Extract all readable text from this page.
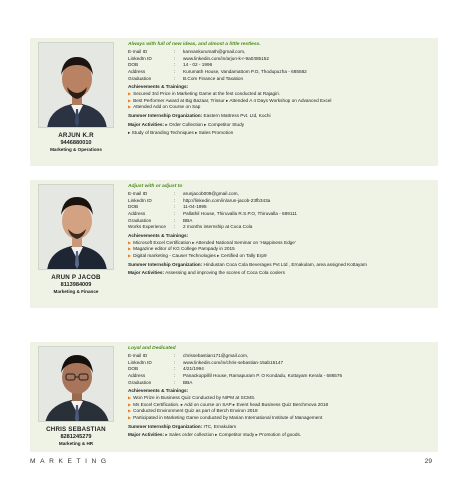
ARJUN K.R
9446880010
Marketing & Operations
Always with full of new ideas, and almost a little restless.
E-mail ID	:	kannankurumath@gmail.com,
LinkedIn ID	:	www.linkedin.com/in/arjun-k-r-9a0385152
DOB	:	14 - 02 - 1996
Address	:	Kurumath House, Vandamattom P.O, Thodupuzha - 685582
Graduation	:	B.Com Finance and Taxation
Achievements & Trainings:
▶ Secured 3rd Price in Marketing Game at the fest conducted at Rajagiri.
▶ Best Performer Award at Big Bazaar, Trissur ▸ Attended A 4 Days Workshop on Advanced Excel
▶ Attended Add on Course on Sap
Summer Internship Organization: Eastern Mattress Pvt. Ltd, Kochi
Major Activities: ▸ Order Collection ▸ Competitor Study
▸ Study of Branding Techniques ▸ Sales Promotion
ARUN P JACOB
8113984009
Marketing & Finance
Adjust with or adjust to
E-mail ID	:	arunjacob009@gmail.com,
LinkedIn ID	:	http://linkedin.com/in/arun-jacob-23fb343a
DOB	:	11-04-1995
Address	:	Pallathil House, Thiruvalla R.S.P.O, Thiruvalla - 689111
Graduation	:	BBA
Works Experience	:	2 months internship at Coca Cola
Achievements & Trainings:
▶ Microsoft Excel Certification ▸ Attended National Seminar on ‘Happiness Edge’
▶ Magazine editor of KG College Pampady in 2015
▶ Digital marketing - Causer Technologies ▸ Certified on Tally Erp9
Summer Internship Organization: Hindustan Coca Cola Beverages Pvt Ltd , Ernakulam, area assigned Kottayam
Major Activities: Assessing and improving the scores of Coca Cola coolers
CHRIS SEBASTIAN
8281245279
Marketing & HR
Loyal and Dedicated
E-mail ID	:	chrissebastian171@gmail.com,
LinkedIn ID	:	www.linkedin.com/in/chris-sebastian-15ab15147
DOB	:	4/21/1994
Address	:	Panackoppillil House, Ramapuram P. O Kondadu, Kottayam Kerala - 686576
Graduation	:	BBA
Achievements & Trainings:
▶ Won Prize in Business Quiz Conducted by NIPM at SCMS.
▶ Ms Excel Certification. ▸ Add on course on SAP ▸ Event head Business Quiz Berchmova 2018
▶ Conducted Environment Quiz as part of Berch Environ 2018
▶ Participated in Marketing Game conducted by Marian International Institute of Management
Summer Internship Organization: ITC, Ernakulam
Major Activities: ▸ Sales order collection ▸ Competitor study ▸ Promotion of goods.
MARKETING	29
